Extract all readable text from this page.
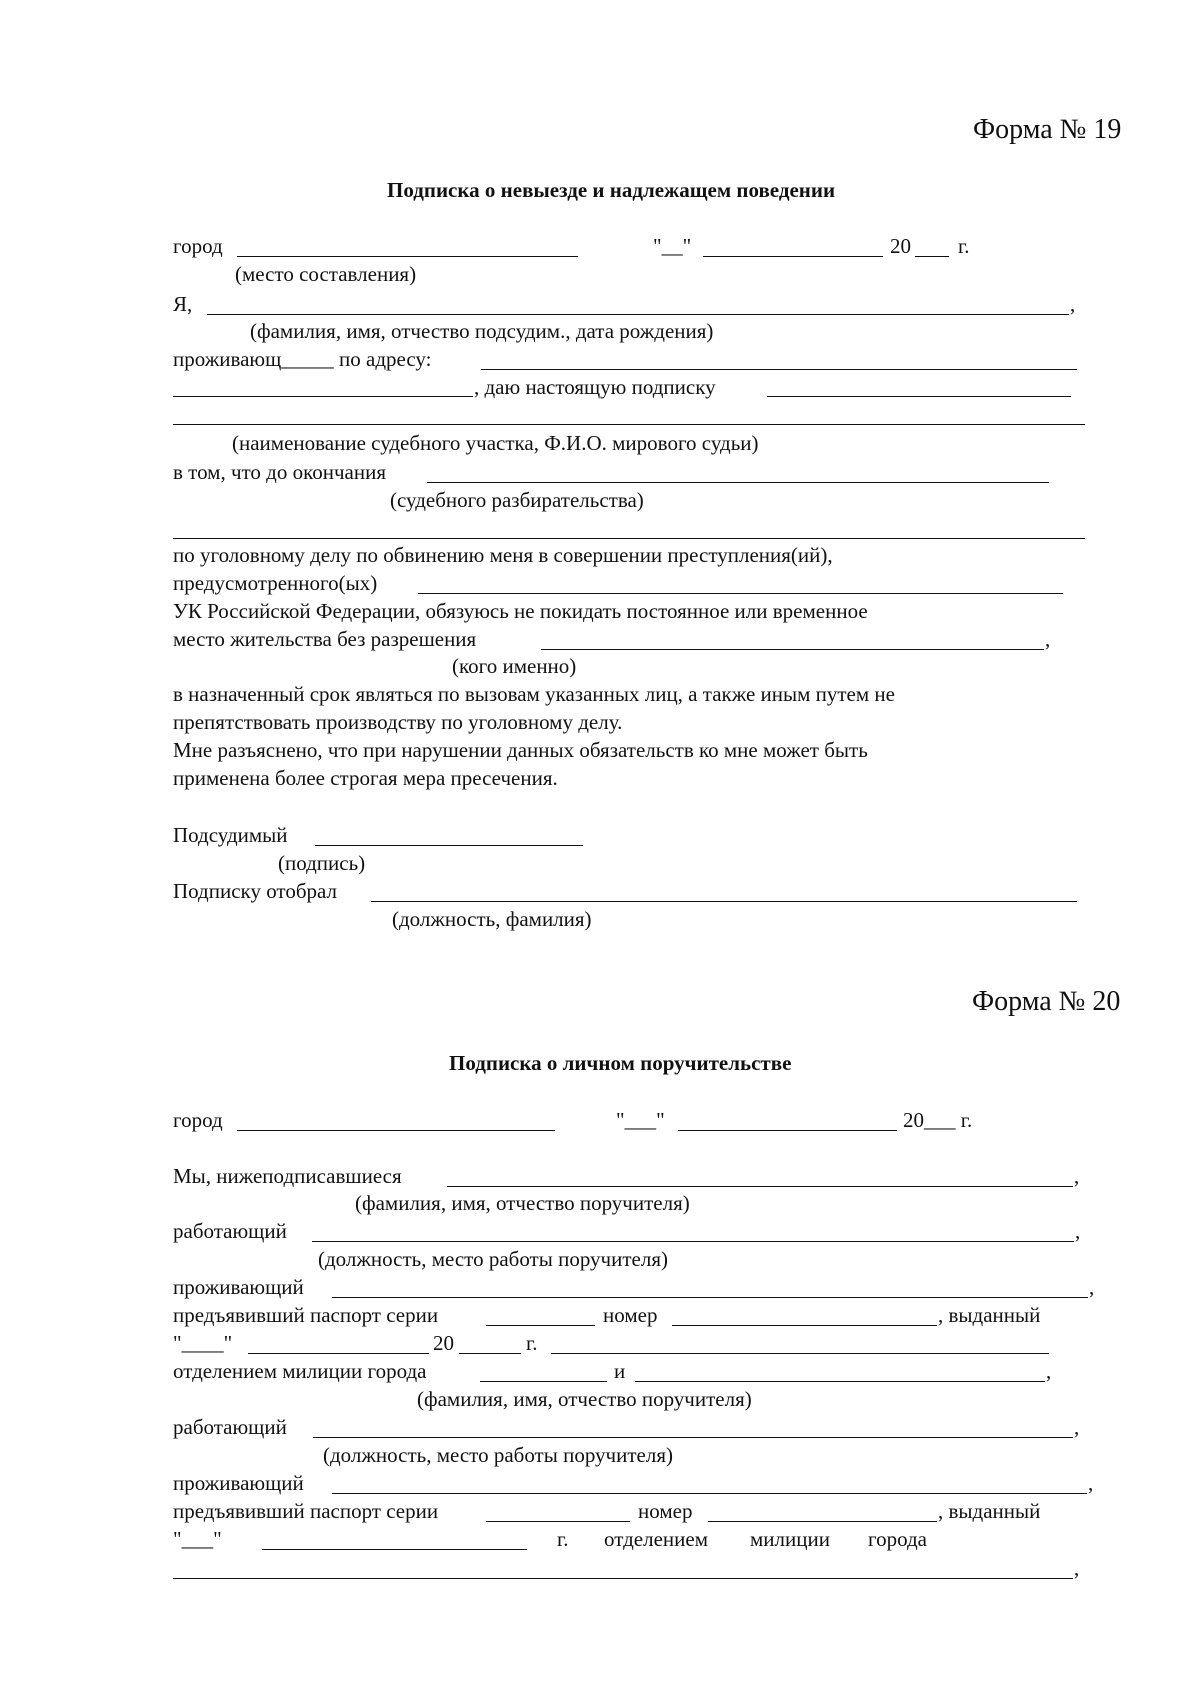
Форма № 19
Подписка о невыезде и надлежащем поведении
город	"__"	20 г.
(место составления)
Я,	,
(фамилия, имя, отчество подсудим., дата рождения)
проживающ_____ по адресу:
, даю настоящую подписку
(наименование судебного участка, Ф.И.О. мирового судьи)
в том, что до окончания
(судебного разбирательства)
по уголовному делу по обвинению меня в совершении преступления(ий),
предусмотренного(ых)
УК Российской Федерации, обязуюсь не покидать постоянное или временное
место жительства без разрешения	,
(кого именно)
в назначенный срок являться по вызовам указанных лиц, а также иным путем не
препятствовать производству по уголовному делу.
Мне разъяснено, что при нарушении данных обязательств ко мне может быть
применена более строгая мера пресечения.
Подсудимый
(подпись)
Подписку отобрал
(должность, фамилия)
Форма № 20
Подписка о личном поручительстве
город	"___"	20___ г.
Мы, нижеподписавшиеся	,
(фамилия, имя, отчество поручителя)
работающий	,
(должность, место работы поручителя)
проживающий	,
предъявивший паспорт серии	номер	, выданный
"____"	20	г.
отделением милиции города	и	,
(фамилия, имя, отчество поручителя)
работающий	,
(должность, место работы поручителя)
проживающий	,
предъявивший паспорт серии	номер	, выданный
"___"	г. отделением милиции города
,
